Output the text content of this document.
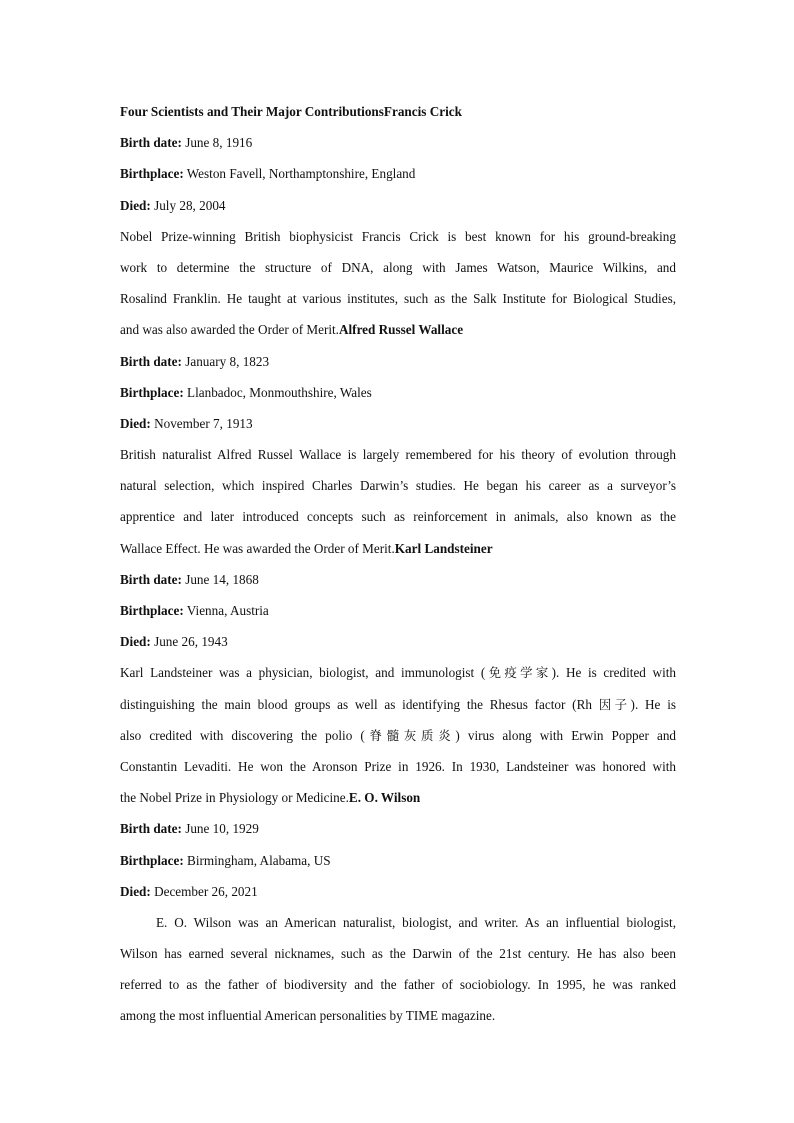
Four Scientists and Their Major ContributionsFrancis Crick
Birth date: June 8, 1916
Birthplace: Weston Favell, Northamptonshire, England
Died: July 28, 2004
Nobel Prize-winning British biophysicist Francis Crick is best known for his ground-breaking
work to determine the structure of DNA, along with James Watson, Maurice Wilkins, and
Rosalind Franklin. He taught at various institutes, such as the Salk Institute for Biological Studies,
and was also awarded the Order of Merit.Alfred Russel Wallace
Birth date: January 8, 1823
Birthplace: Llanbadoc, Monmouthshire, Wales
Died: November 7, 1913
British naturalist Alfred Russel Wallace is largely remembered for his theory of evolution through
natural selection, which inspired Charles Darwin’s studies. He began his career as a surveyor’s
apprentice and later introduced concepts such as reinforcement in animals, also known as the
Wallace Effect. He was awarded the Order of Merit.Karl Landsteiner
Birth date: June 14, 1868
Birthplace: Vienna, Austria
Died: June 26, 1943
Karl Landsteiner was a physician, biologist, and immunologist (免疫学家). He is credited with
distinguishing the main blood groups as well as identifying the Rhesus factor (Rh 因子). He is
also credited with discovering the polio (脊髓灰质炎) virus along with Erwin Popper and
Constantin Levaditi. He won the Aronson Prize in 1926. In 1930, Landsteiner was honored with
the Nobel Prize in Physiology or Medicine.E. O. Wilson
Birth date: June 10, 1929
Birthplace: Birmingham, Alabama, US
Died: December 26, 2021
E. O. Wilson was an American naturalist, biologist, and writer. As an influential biologist,
Wilson has earned several nicknames, such as the Darwin of the 21st century. He has also been
referred to as the father of biodiversity and the father of sociobiology. In 1995, he was ranked
among the most influential American personalities by TIME magazine.
